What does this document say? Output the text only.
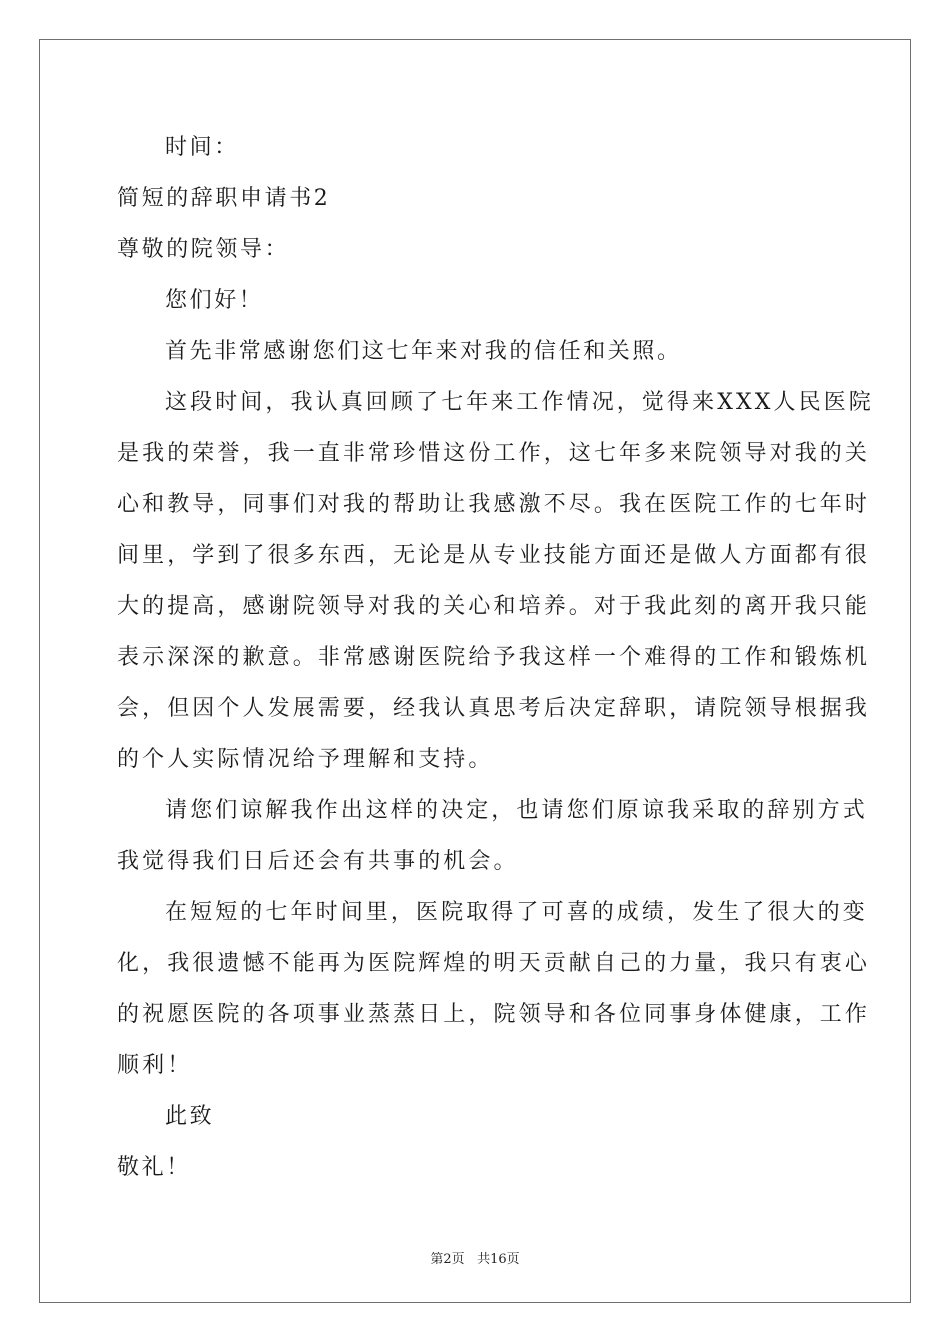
时间：
简短的辞职申请书2
尊敬的院领导：
您们好！
首先非常感谢您们这七年来对我的信任和关照。
这段时间，我认真回顾了七年来工作情况，觉得来XXX人民医院
是我的荣誉，我一直非常珍惜这份工作，这七年多来院领导对我的关
心和教导，同事们对我的帮助让我感激不尽。我在医院工作的七年时
间里，学到了很多东西，无论是从专业技能方面还是做人方面都有很
大的提高，感谢院领导对我的关心和培养。对于我此刻的离开我只能
表示深深的歉意。非常感谢医院给予我这样一个难得的工作和锻炼机
会，但因个人发展需要，经我认真思考后决定辞职，请院领导根据我
的个人实际情况给予理解和支持。
请您们谅解我作出这样的决定，也请您们原谅我采取的辞别方式
我觉得我们日后还会有共事的机会。
在短短的七年时间里，医院取得了可喜的成绩，发生了很大的变
化，我很遗憾不能再为医院辉煌的明天贡献自己的力量，我只有衷心
的祝愿医院的各项事业蒸蒸日上，院领导和各位同事身体健康，工作
顺利！
此致
敬礼！
第2页 共16页
